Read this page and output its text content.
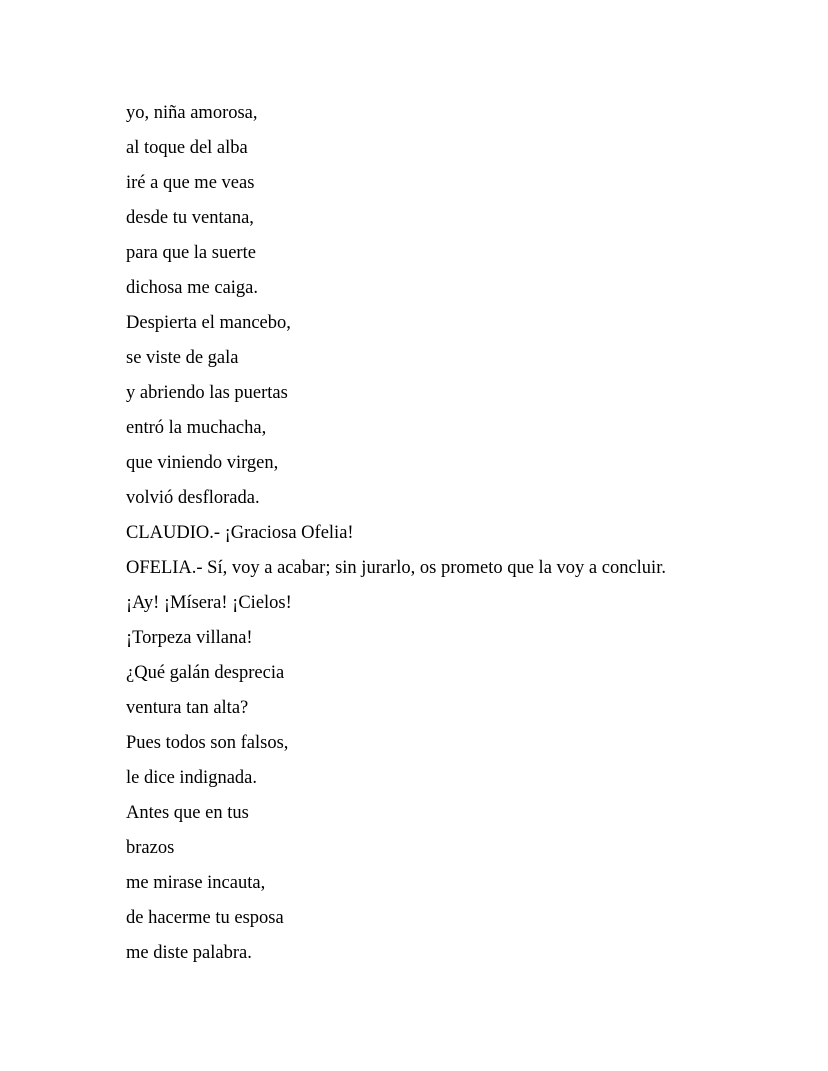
yo, niña amorosa,
al toque del alba
iré a que me veas
desde tu ventana,
para que la suerte
dichosa me caiga.
Despierta el mancebo,
se viste de gala
y abriendo las puertas
entró la muchacha,
que viniendo virgen,
volvió desflorada.
CLAUDIO.- ¡Graciosa Ofelia!
OFELIA.- Sí, voy a acabar; sin jurarlo, os prometo que la voy a concluir.
¡Ay! ¡Mísera! ¡Cielos!
¡Torpeza villana!
¿Qué galán desprecia
ventura tan alta?
Pues todos son falsos,
le dice indignada.
Antes que en tus
brazos
me mirase incauta,
de hacerme tu esposa
me diste palabra.
